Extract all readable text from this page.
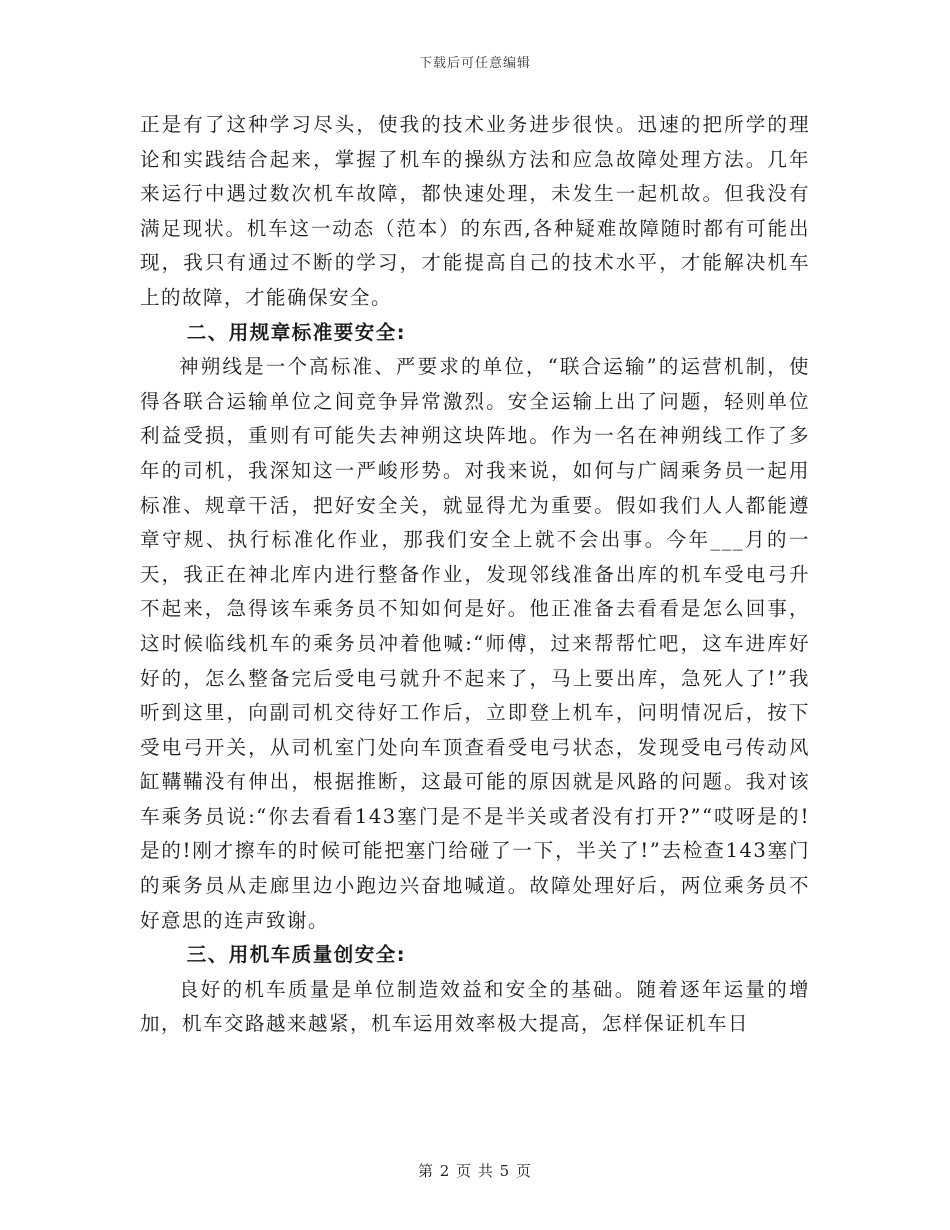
下载后可任意编辑

正是有了这种学习尽头，使我的技术业务进步很快。迅速的把所学的理论和实践结合起来，掌握了机车的操纵方法和应急故障处理方法。几年来运行中遇过数次机车故障，都快速处理，未发生一起机故。但我没有满足现状。机车这一动态（范本）的东西,各种疑难故障随时都有可能出现，我只有通过不断的学习，才能提高自己的技术水平，才能解决机车上的故障，才能确保安全。

二、用规章标准要安全:

神朔线是一个高标准、严要求的单位，“联合运输”的运营机制，使得各联合运输单位之间竞争异常激烈。安全运输上出了问题，轻则单位利益受损，重则有可能失去神朔这块阵地。作为一名在神朔线工作了多年的司机，我深知这一严峻形势。对我来说，如何与广阔乘务员一起用标准、规章干活，把好安全关，就显得尤为重要。假如我们人人都能遵章守规、执行标准化作业，那我们安全上就不会出事。今年___月的一天，我正在神北库内进行整备作业，发现邻线准备出库的机车受电弓升不起来，急得该车乘务员不知如何是好。他正准备去看看是怎么回事，这时候临线机车的乘务员冲着他喊:“师傅，过来帮帮忙吧，这车进库好好的，怎么整备完后受电弓就升不起来了，马上要出库，急死人了!”我听到这里，向副司机交待好工作后，立即登上机车，问明情况后，按下受电弓开关，从司机室门处向车顶查看受电弓状态，发现受电弓传动风缸鞲鞴没有伸出，根据推断，这最可能的原因就是风路的问题。我对该车乘务员说:“你去看看143塞门是不是半关或者没有打开?”“哎呀是的!是的!刚才擦车的时候可能把塞门给碰了一下，半关了!”去检查143塞门的乘务员从走廊里边小跑边兴奋地喊道。故障处理好后，两位乘务员不好意思的连声致谢。

三、用机车质量创安全:

良好的机车质量是单位制造效益和安全的基础。随着逐年运量的增加，机车交路越来越紧，机车运用效率极大提高，怎样保证机车日

第 2 页 共 5 页
